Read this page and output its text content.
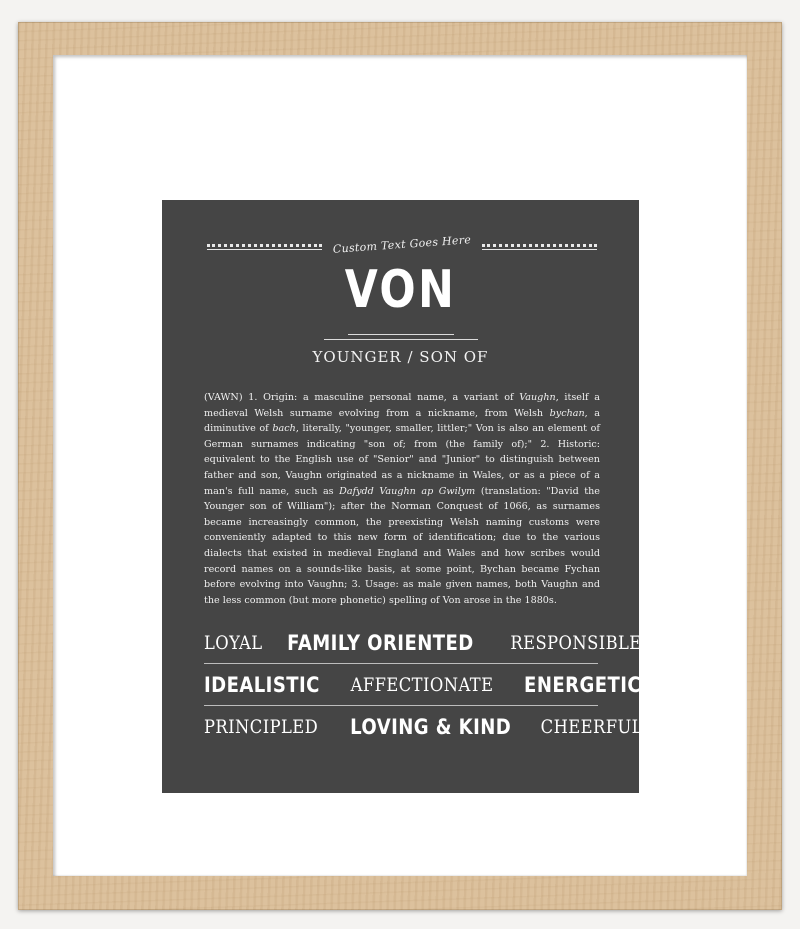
Custom Text Goes Here
VON
YOUNGER / SON OF
(VAWN) 1. Origin: a masculine personal name, a variant of Vaughn, itself a medieval Welsh surname evolving from a nickname, from Welsh bychan, a diminutive of bach, literally, "younger, smaller, littler;" Von is also an element of German surnames indicating "son of; from (the family of);" 2. Historic: equivalent to the English use of "Senior" and "Junior" to distinguish between father and son, Vaughn originated as a nickname in Wales, or as a piece of a man's full name, such as Dafydd Vaughn ap Gwilym (translation: "David the Younger son of William"); after the Norman Conquest of 1066, as surnames became increasingly common, the preexisting Welsh naming customs were conveniently adapted to this new form of identification; due to the various dialects that existed in medieval England and Wales and how scribes would record names on a sounds-like basis, at some point, Bychan became Fychan before evolving into Vaughn; 3. Usage: as male given names, both Vaughn and the less common (but more phonetic) spelling of Von arose in the 1880s.
LOYAL FAMILY ORIENTED RESPONSIBLE
IDEALISTIC AFFECTIONATE ENERGETIC
PRINCIPLED LOVING & KIND CHEERFUL
